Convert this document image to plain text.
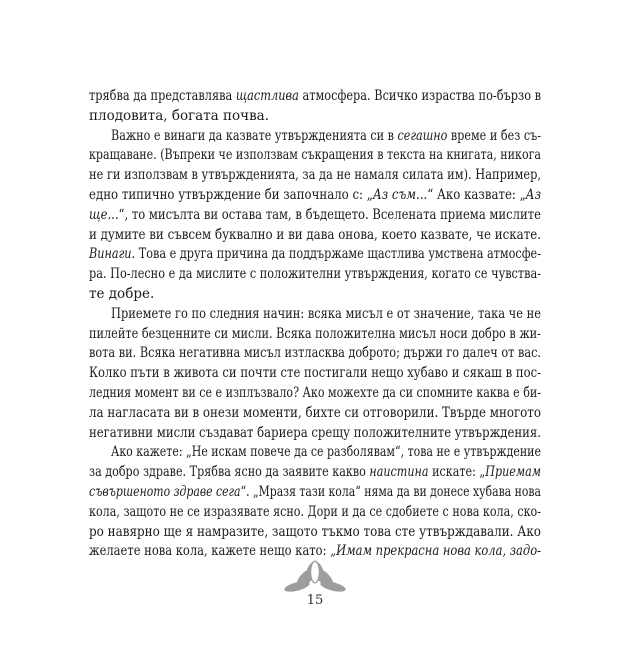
трябва да представлява щастлива атмосфера. Всичко израства по-бързо в
плодовита, богата почва.
Важно е винаги да казвате утвържденията си в сегашно време и без съ-
кращаване. (Въпреки че използвам съкращения в текста на книгата, никога
не ги използвам в утвържденията, за да не намаля силата им). Например,
едно типично утвърждение би започнало с: „Аз съм...“ Ако казвате: „Аз
ще...“, то мисълта ви остава там, в бъдещето. Вселената приема мислите
и думите ви съвсем буквално и ви дава онова, което казвате, че искате.
Винаги. Това е друга причина да поддържаме щастлива умствена атмосфе-
ра. По-лесно е да мислите с положителни утвърждения, когато се чувства-
те добре.
Приемете го по следния начин: всяка мисъл е от значение, така че не
пилейте безценните си мисли. Всяка положителна мисъл носи добро в жи-
вота ви. Всяка негативна мисъл изтласква доброто; държи го далеч от вас.
Колко пъти в живота си почти сте постигали нещо хубаво и сякаш в пос-
ледния момент ви се е изплъзвало? Ако можехте да си спомните каква е би-
ла нагласата ви в онези моменти, бихте си отговорили. Твърде многото
негативни мисли създават бариера срещу положителните утвърждения.
Ако кажете: „Не искам повече да се разболявам“, това не е утвърждение
за добро здраве. Трябва ясно да заявите какво наистина искате: „Приемам
съвършеното здраве сега“. „Мразя тази кола“ няма да ви донесе хубава нова
кола, защото не се изразявате ясно. Дори и да се сдобиете с нова кола, ско-
ро навярно ще я намразите, защото тъкмо това сте утвърждавали. Ако
желаете нова кола, кажете нещо като: „Имам прекрасна нова кола, задо-
15
